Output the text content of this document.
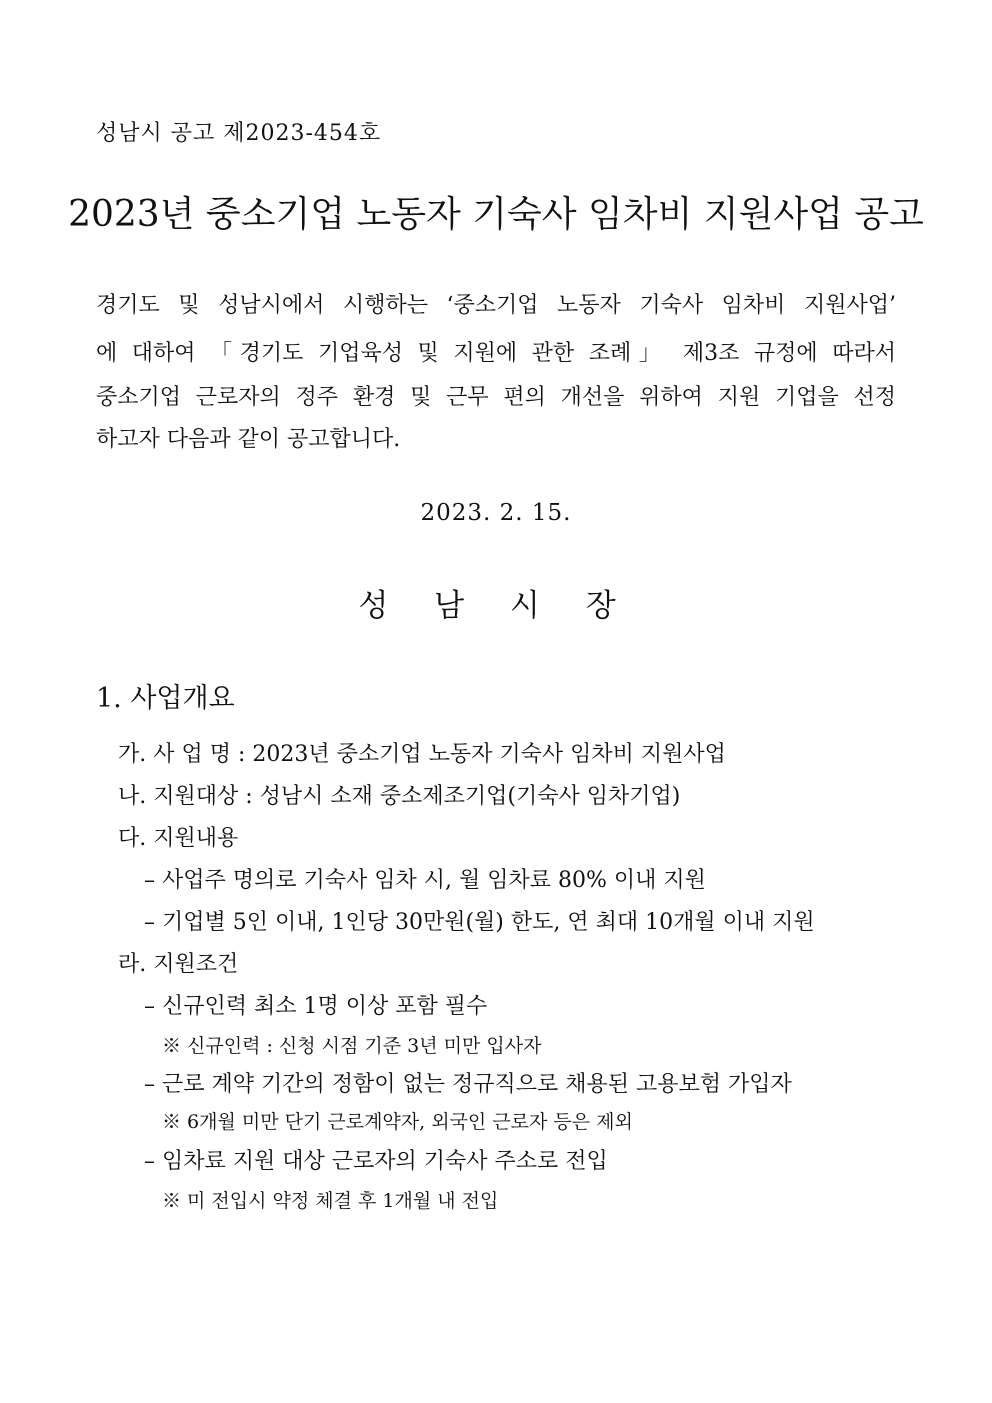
성남시 공고 제2023-454호
2023년 중소기업 노동자 기숙사 임차비 지원사업 공고
경기도 및 성남시에서 시행하는 ‘중소기업 노동자 기숙사 임차비 지원사업’
에 대하여 「경기도 기업육성 및 지원에 관한 조례」 제3조 규정에 따라서
중소기업 근로자의 정주 환경 및 근무 편의 개선을 위하여 지원 기업을 선정
하고자 다음과 같이 공고합니다.
2023. 2. 15.
성 남 시 장
1. 사업개요
가. 사 업 명 : 2023년 중소기업 노동자 기숙사 임차비 지원사업
나. 지원대상 : 성남시 소재 중소제조기업(기숙사 임차기업)
다. 지원내용
– 사업주 명의로 기숙사 임차 시, 월 임차료 80% 이내 지원
– 기업별 5인 이내, 1인당 30만원(월) 한도, 연 최대 10개월 이내 지원
라. 지원조건
– 신규인력 최소 1명 이상 포함 필수
※ 신규인력 : 신청 시점 기준 3년 미만 입사자
– 근로 계약 기간의 정함이 없는 정규직으로 채용된 고용보험 가입자
※ 6개월 미만 단기 근로계약자, 외국인 근로자 등은 제외
– 임차료 지원 대상 근로자의 기숙사 주소로 전입
※ 미 전입시 약정 체결 후 1개월 내 전입
